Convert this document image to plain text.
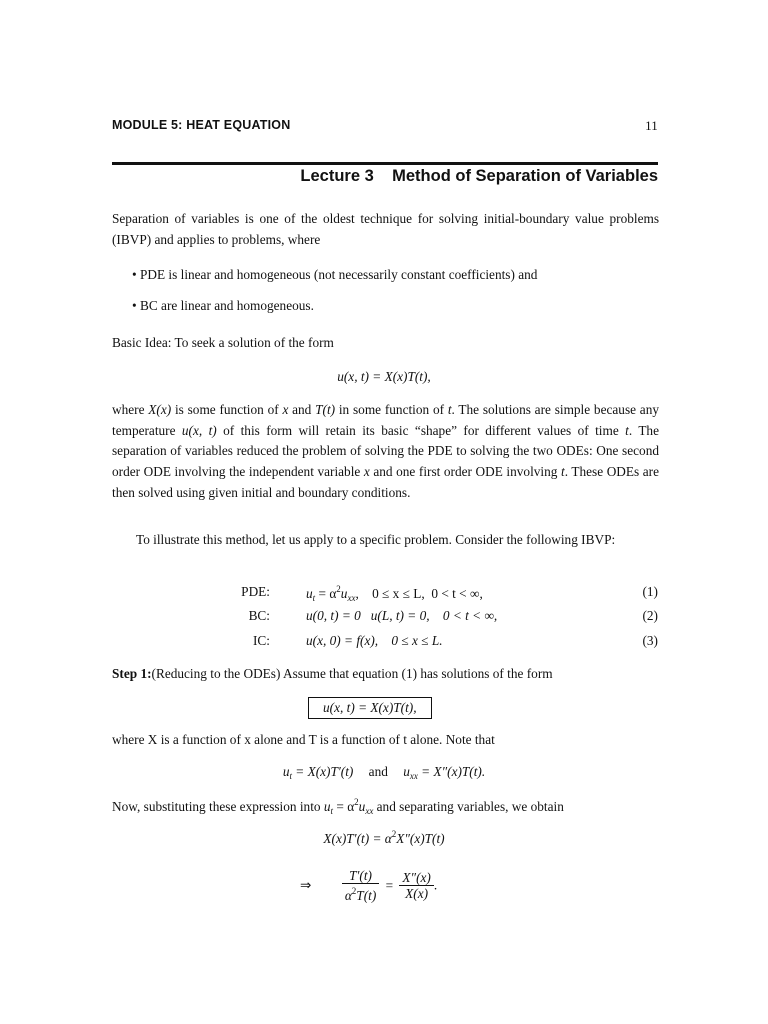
MODULE 5: HEAT EQUATION	11
Lecture 3    Method of Separation of Variables
Separation of variables is one of the oldest technique for solving initial-boundary value problems (IBVP) and applies to problems, where
• PDE is linear and homogeneous (not necessarily constant coefficients) and
• BC are linear and homogeneous.
Basic Idea: To seek a solution of the form
u(x, t) = X(x)T(t),
where X(x) is some function of x and T(t) in some function of t. The solutions are simple because any temperature u(x, t) of this form will retain its basic “shape” for different values of time t. The separation of variables reduced the problem of solving the PDE to solving the two ODEs: One second order ODE involving the independent variable x and one first order ODE involving t. These ODEs are then solved using given initial and boundary conditions.
To illustrate this method, let us apply to a specific problem. Consider the following IBVP:
PDE:	$u_t = \alpha^2u_{xx}$,    0 ≤ x ≤ L,  0 < t < ∞,	(1)
BC:	u(0, t) = 0   u(L, t) = 0,    0 < t < ∞,	(2)
IC:	u(x, 0) = f(x),    0 ≤ x ≤ L.	(3)
Step 1:(Reducing to the ODEs) Assume that equation (1) has solutions of the form
u(x, t) = X(x)T(t),
where X is a function of x alone and T is a function of t alone. Note that
$u_t = X(x)T'(t)$ and $u_{xx} = X''(x)T(t)$.
Now, substituting these expression into $u_t = \alpha^2u_{xx}$ and separating variables, we obtain
$X(x)T'(t) = \alpha^2X''(x)T(t)$
⇒ $\frac{T'(t)}{\alpha^2T(t)} = \frac{X''(x)}{X(x)}$ .
